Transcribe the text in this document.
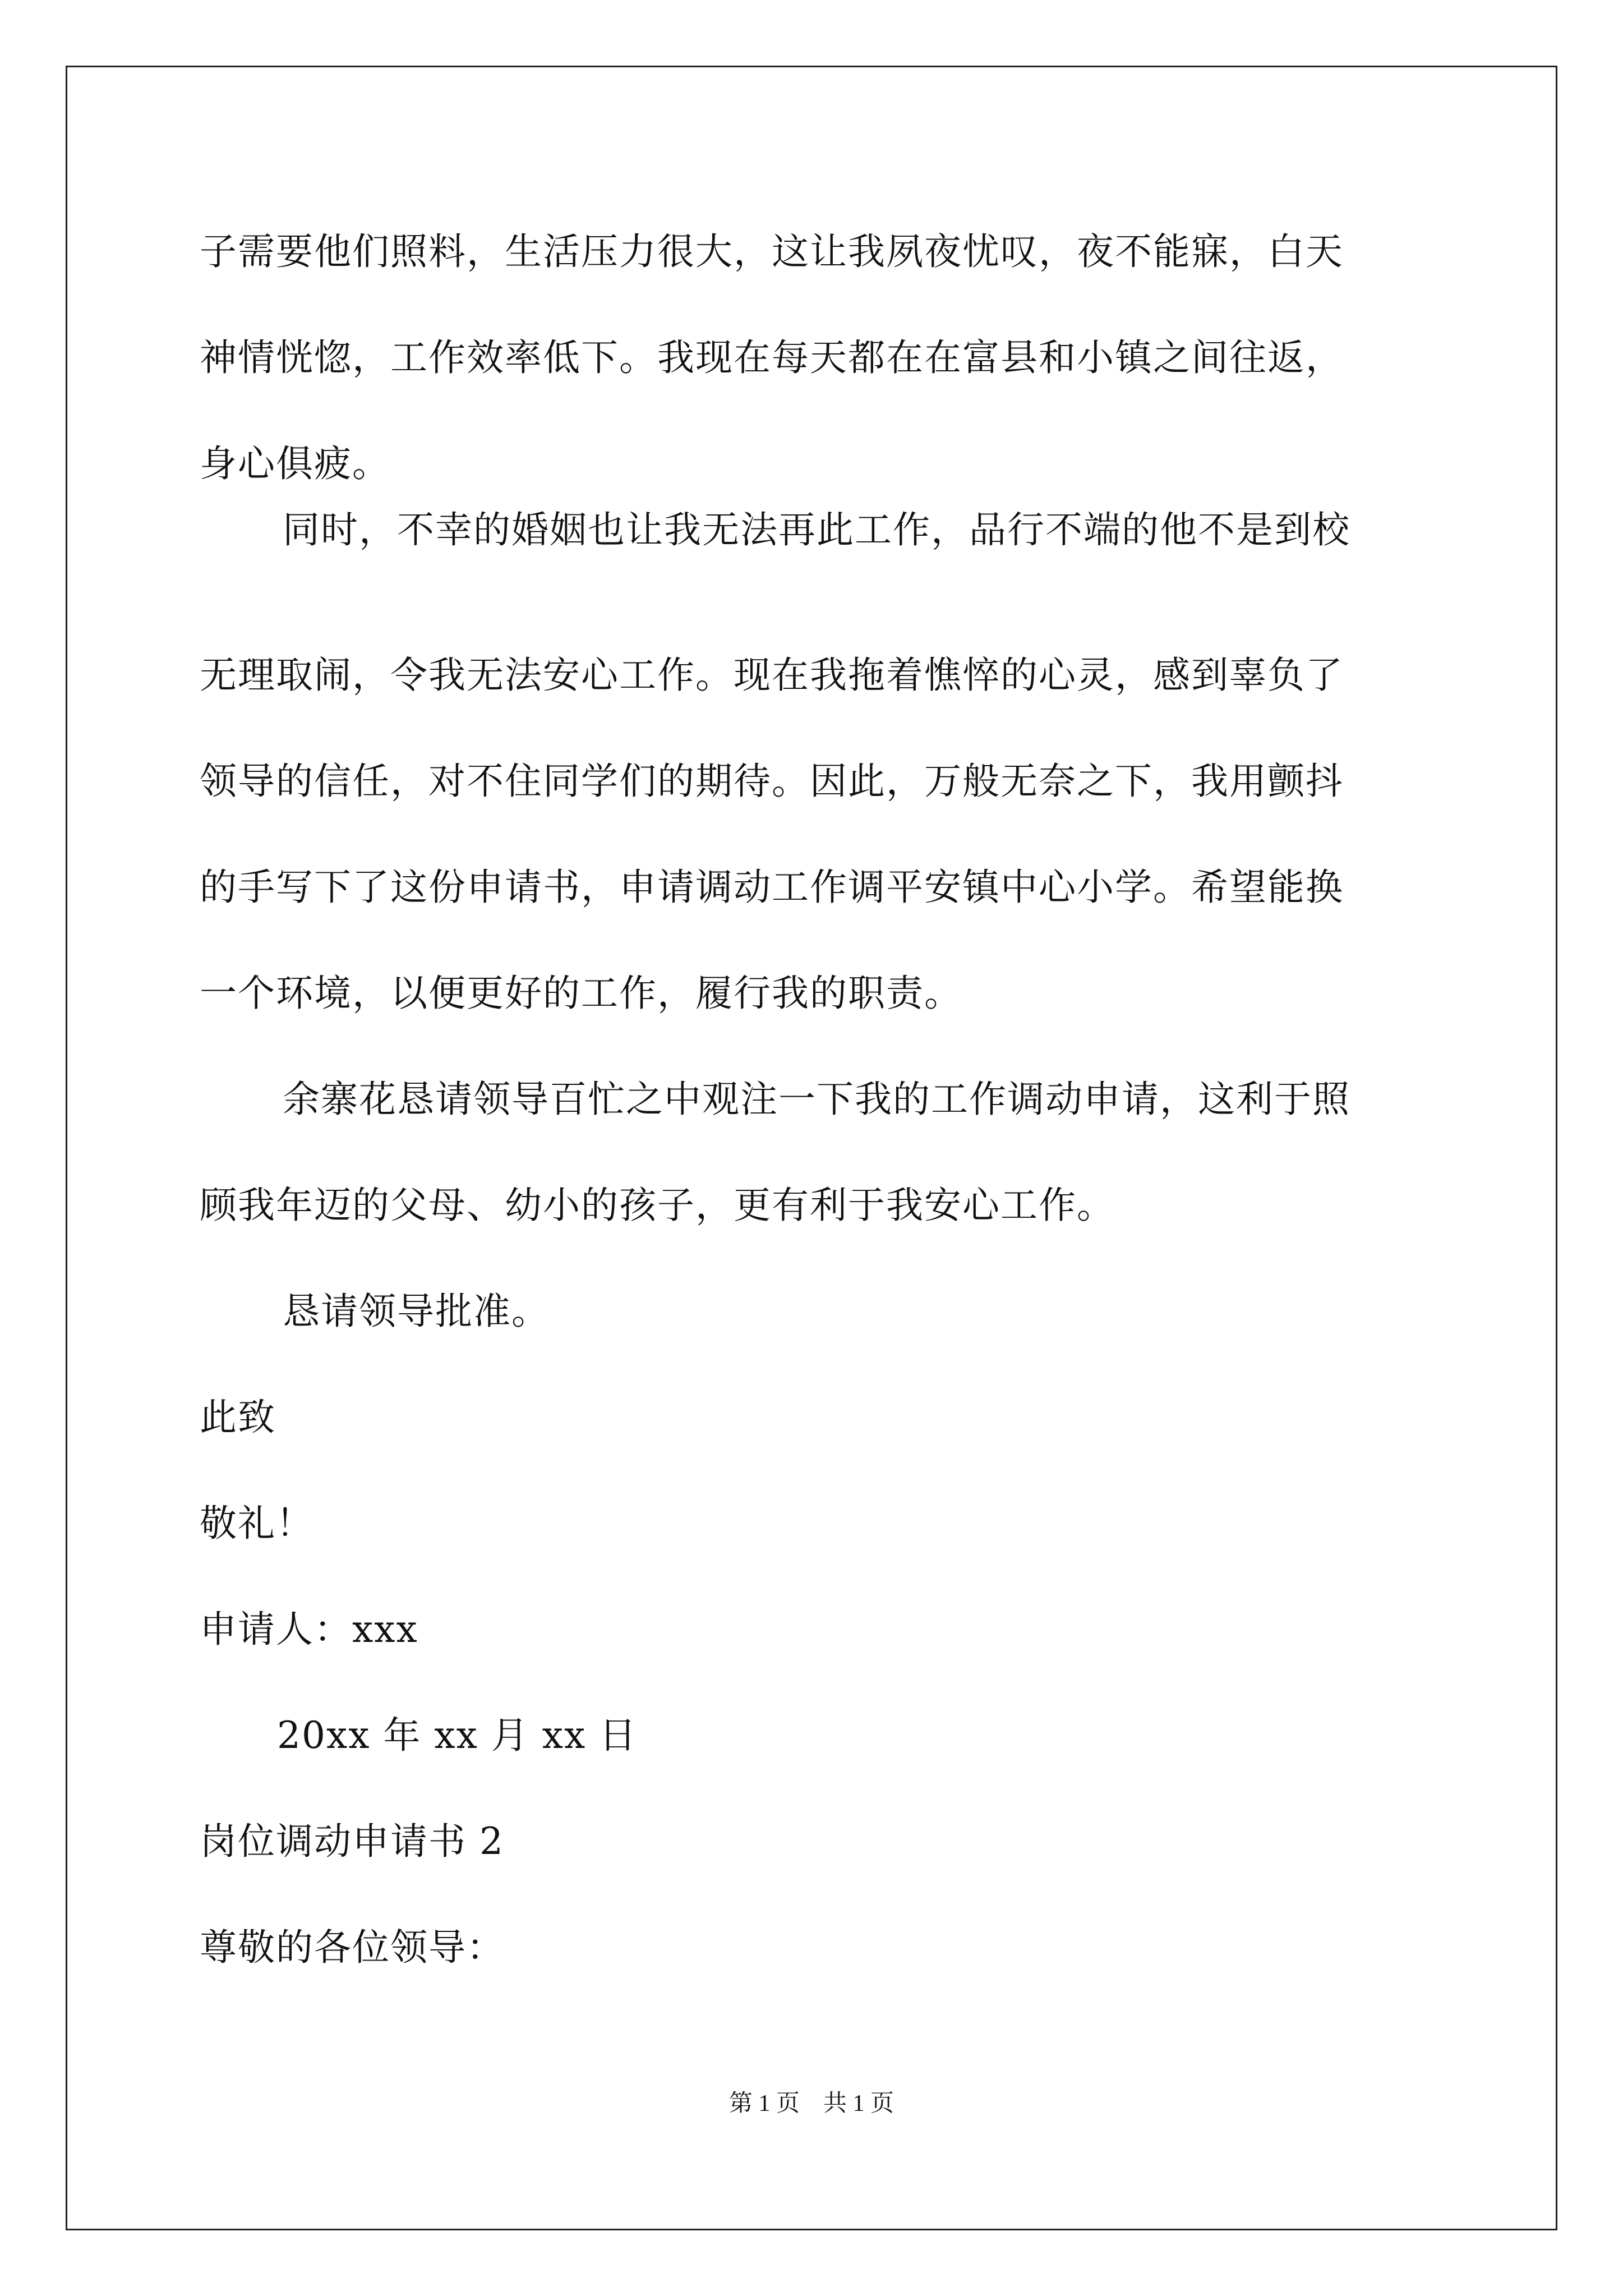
子需要他们照料，生活压力很大，这让我夙夜忧叹，夜不能寐，白天

神情恍惚，工作效率低下。我现在每天都在在富县和小镇之间往返，

身心俱疲。

同时，不幸的婚姻也让我无法再此工作，品行不端的他不是到校

无理取闹，令我无法安心工作。现在我拖着憔悴的心灵，感到辜负了

领导的信任，对不住同学们的期待。因此，万般无奈之下，我用颤抖

的手写下了这份申请书，申请调动工作调平安镇中心小学。希望能换

一个环境，以便更好的工作，履行我的职责。

余寨花恳请领导百忙之中观注一下我的工作调动申请，这利于照

顾我年迈的父母、幼小的孩子，更有利于我安心工作。

恳请领导批准。

此致

敬礼！

申请人：xxx

20xx 年 xx 月 xx 日

岗位调动申请书 2

尊敬的各位领导：

第 1 页    共 1 页
